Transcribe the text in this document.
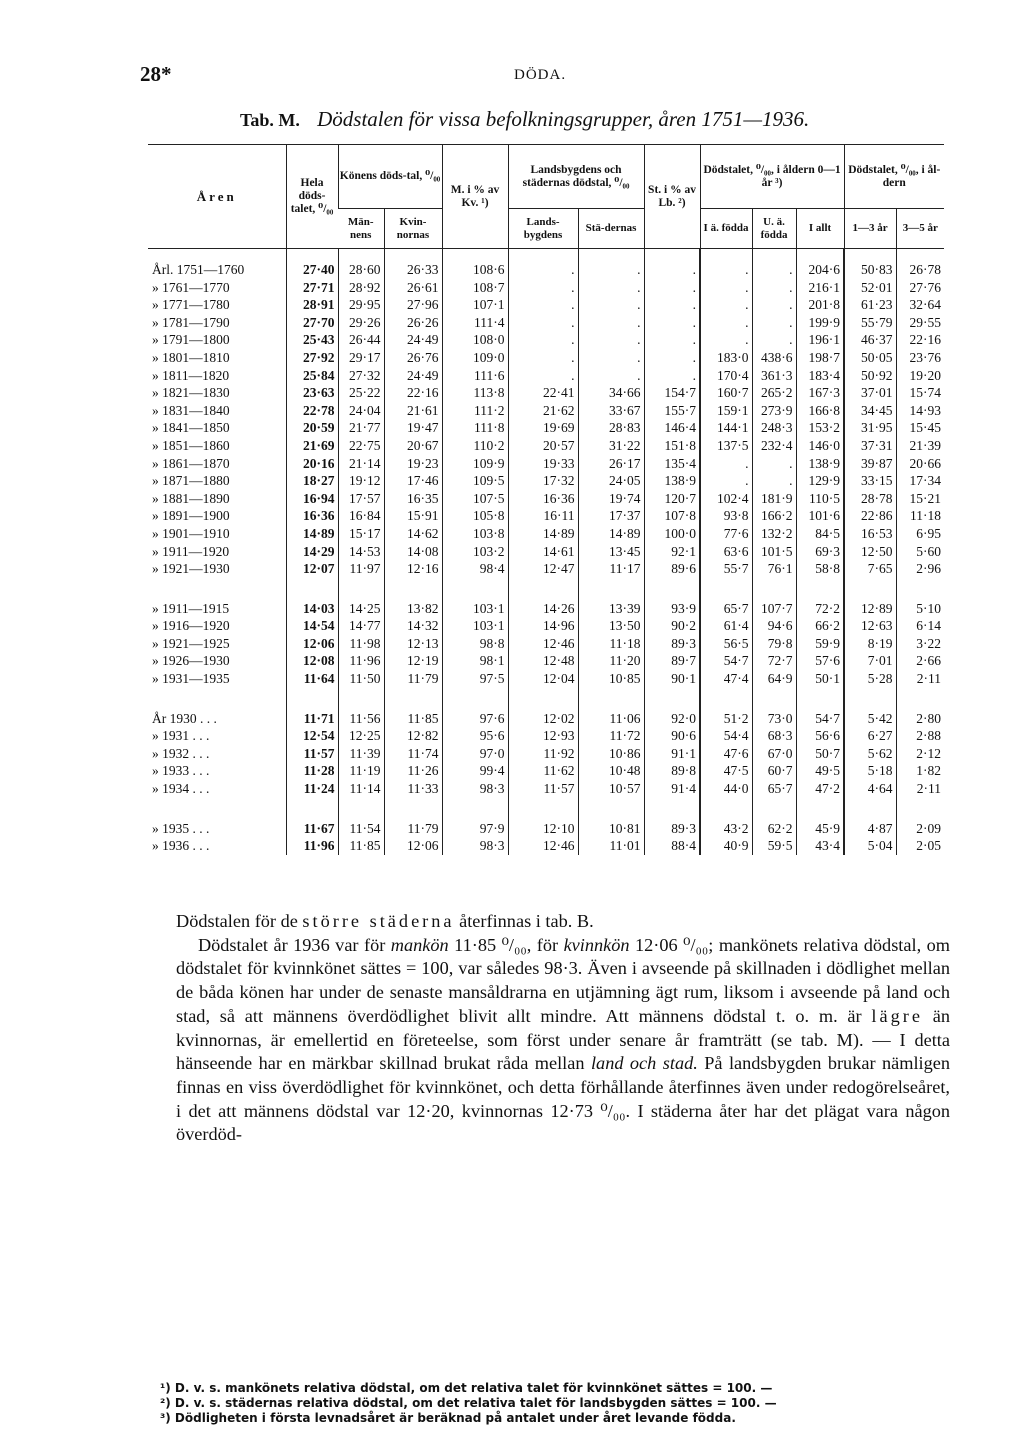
28*	DÖDA.
Tab. M. Dödstalen för vissa befolkningsgrupper, åren 1751—1936.
Åren	Hela döds-talet, ⁰/₀₀	Könens döds-tal, ⁰/₀₀		M. i % av Kv. ¹)	Landsbygdens och städernas dödstal, ⁰/₀₀		St. i % av Lb. ²)	Dödstalet, ⁰/₀₀, i åldern 0—1 år ³)			Dödstalet, ⁰/₀₀, i ål-dern	
		Män-nens	Kvin-nornas		Lands-bygdens	Stä-dernas		I ä. födda	U. ä. födda	I allt	1—3 år	3—5 år
Årl. 1751—1760	27·40	28·60	26·33	108·6	.	.	.	.	.	204·6	50·83	26·78
» 1761—1770	27·71	28·92	26·61	108·7	.	.	.	.	.	216·1	52·01	27·76
» 1771—1780	28·91	29·95	27·96	107·1	.	.	.	.	.	201·8	61·23	32·64
» 1781—1790	27·70	29·26	26·26	111·4	.	.	.	.	.	199·9	55·79	29·55
» 1791—1800	25·43	26·44	24·49	108·0	.	.	.	.	.	196·1	46·37	22·16
» 1801—1810	27·92	29·17	26·76	109·0	.	.	.	183·0	438·6	198·7	50·05	23·76
» 1811—1820	25·84	27·32	24·49	111·6	.	.	.	170·4	361·3	183·4	50·92	19·20
» 1821—1830	23·63	25·22	22·16	113·8	22·41	34·66	154·7	160·7	265·2	167·3	37·01	15·74
» 1831—1840	22·78	24·04	21·61	111·2	21·62	33·67	155·7	159·1	273·9	166·8	34·45	14·93
» 1841—1850	20·59	21·77	19·47	111·8	19·69	28·83	146·4	144·1	248·3	153·2	31·95	15·45
» 1851—1860	21·69	22·75	20·67	110·2	20·57	31·22	151·8	137·5	232·4	146·0	37·31	21·39
» 1861—1870	20·16	21·14	19·23	109·9	19·33	26·17	135·4	.	.	138·9	39·87	20·66
» 1871—1880	18·27	19·12	17·46	109·5	17·32	24·05	138·9	.	.	129·9	33·15	17·34
» 1881—1890	16·94	17·57	16·35	107·5	16·36	19·74	120·7	102·4	181·9	110·5	28·78	15·21
» 1891—1900	16·36	16·84	15·91	105·8	16·11	17·37	107·8	93·8	166·2	101·6	22·86	11·18
» 1901—1910	14·89	15·17	14·62	103·8	14·89	14·89	100·0	77·6	132·2	84·5	16·53	6·95
» 1911—1920	14·29	14·53	14·08	103·2	14·61	13·45	92·1	63·6	101·5	69·3	12·50	5·60
» 1921—1930	12·07	11·97	12·16	98·4	12·47	11·17	89·6	55·7	76·1	58·8	7·65	2·96

» 1911—1915	14·03	14·25	13·82	103·1	14·26	13·39	93·9	65·7	107·7	72·2	12·89	5·10
» 1916—1920	14·54	14·77	14·32	103·1	14·96	13·50	90·2	61·4	94·6	66·2	12·63	6·14
» 1921—1925	12·06	11·98	12·13	98·8	12·46	11·18	89·3	56·5	79·8	59·9	8·19	3·22
» 1926—1930	12·08	11·96	12·19	98·1	12·48	11·20	89·7	54·7	72·7	57·6	7·01	2·66
» 1931—1935	11·64	11·50	11·79	97·5	12·04	10·85	90·1	47·4	64·9	50·1	5·28	2·11

År 1930 . . .	11·71	11·56	11·85	97·6	12·02	11·06	92·0	51·2	73·0	54·7	5·42	2·80
» 1931 . . .	12·54	12·25	12·82	95·6	12·93	11·72	90·6	54·4	68·3	56·6	6·27	2·88
» 1932 . . .	11·57	11·39	11·74	97·0	11·92	10·86	91·1	47·6	67·0	50·7	5·62	2·12
» 1933 . . .	11·28	11·19	11·26	99·4	11·62	10·48	89·8	47·5	60·7	49·5	5·18	1·82
» 1934 . . .	11·24	11·14	11·33	98·3	11·57	10·57	91·4	44·0	65·7	47·2	4·64	2·11

» 1935 . . .	11·67	11·54	11·79	97·9	12·10	10·81	89·3	43·2	62·2	45·9	4·87	2·09
» 1936 . . .	11·96	11·85	12·06	98·3	12·46	11·01	88·4	40·9	59·5	43·4	5·04	2·05

Dödstalen för de större städerna återfinnas i tab. B.

Dödstalet år 1936 var för mankön 11·85 ⁰/₀₀, för kvinnkön 12·06 ⁰/₀₀; mankönets relativa dödstal, om dödstalet för kvinnkönet sättes = 100, var således 98·3. Även i avseende på skillnaden i dödlighet mellan de båda könen har under de senaste mansåldrarna en utjämning ägt rum, liksom i avseende på land och stad, så att männens överdödlighet blivit allt mindre. Att männens dödstal t. o. m. är lägre än kvinnornas, är emellertid en företeelse, som först under senare år framträtt (se tab. M). — I detta hänseende har en märkbar skillnad brukat råda mellan land och stad. På landsbygden brukar nämligen finnas en viss överdödlighet för kvinnkönet, och detta förhållande återfinnes även under redogörelseåret, i det att männens dödstal var 12·20, kvinnornas 12·73 ⁰/₀₀. I städerna åter har det plägat vara någon överdöd-

¹) D. v. s. mankönets relativa dödstal, om det relativa talet för kvinnkönet sättes = 100. —
²) D. v. s. städernas relativa dödstal, om det relativa talet för landsbygden sättes = 100. —
³) Dödligheten i första levnadsåret är beräknad på antalet under året levande födda.
